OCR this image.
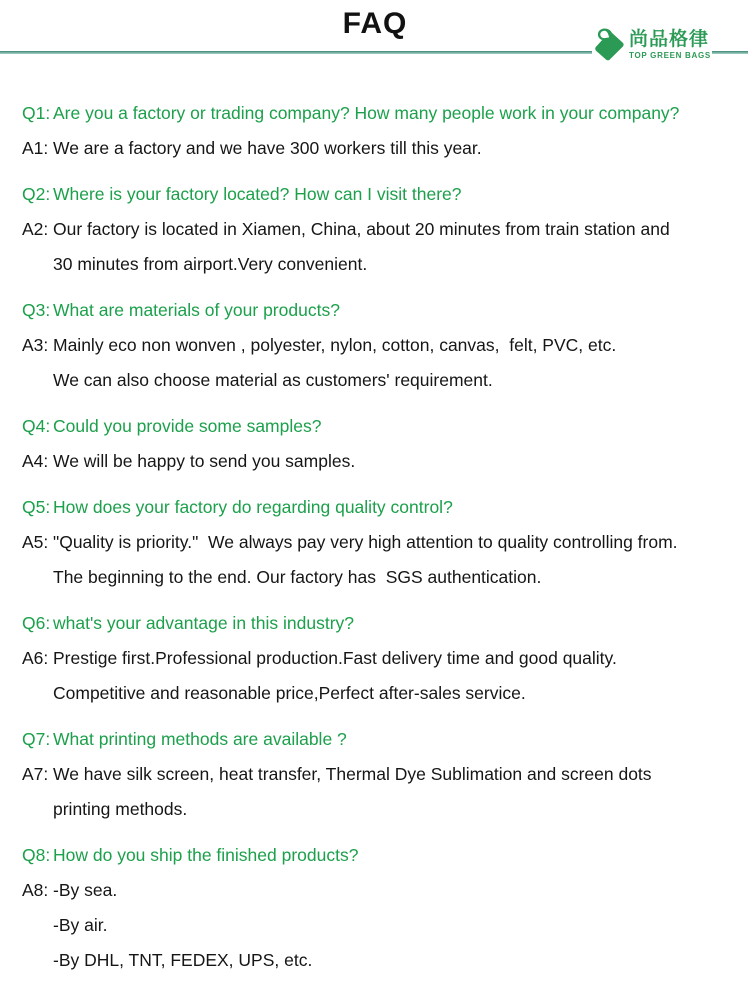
FAQ	尚品格律
TOP GREEN BAGS
Q1: Are you a factory or trading company? How many people work in your company?
A1: We are a factory and we have 300 workers till this year.
Q2: Where is your factory located? How can I visit there?
A2: Our factory is located in Xiamen, China, about 20 minutes from train station and
30 minutes from airport.Very convenient.
Q3: What are materials of your products?
A3: Mainly eco non wonven , polyester, nylon, cotton, canvas,  felt, PVC, etc.
We can also choose material as customers' requirement.
Q4: Could you provide some samples?
A4: We will be happy to send you samples.
Q5: How does your factory do regarding quality control?
A5: "Quality is priority."  We always pay very high attention to quality controlling from.
The beginning to the end. Our factory has  SGS authentication.
Q6: what's your advantage in this industry?
A6: Prestige first.Professional production.Fast delivery time and good quality.
Competitive and reasonable price,Perfect after-sales service.
Q7: What printing methods are available ?
A7: We have silk screen, heat transfer, Thermal Dye Sublimation and screen dots
printing methods.
Q8: How do you ship the finished products?
A8: -By sea.
-By air.
-By DHL, TNT, FEDEX, UPS, etc.
